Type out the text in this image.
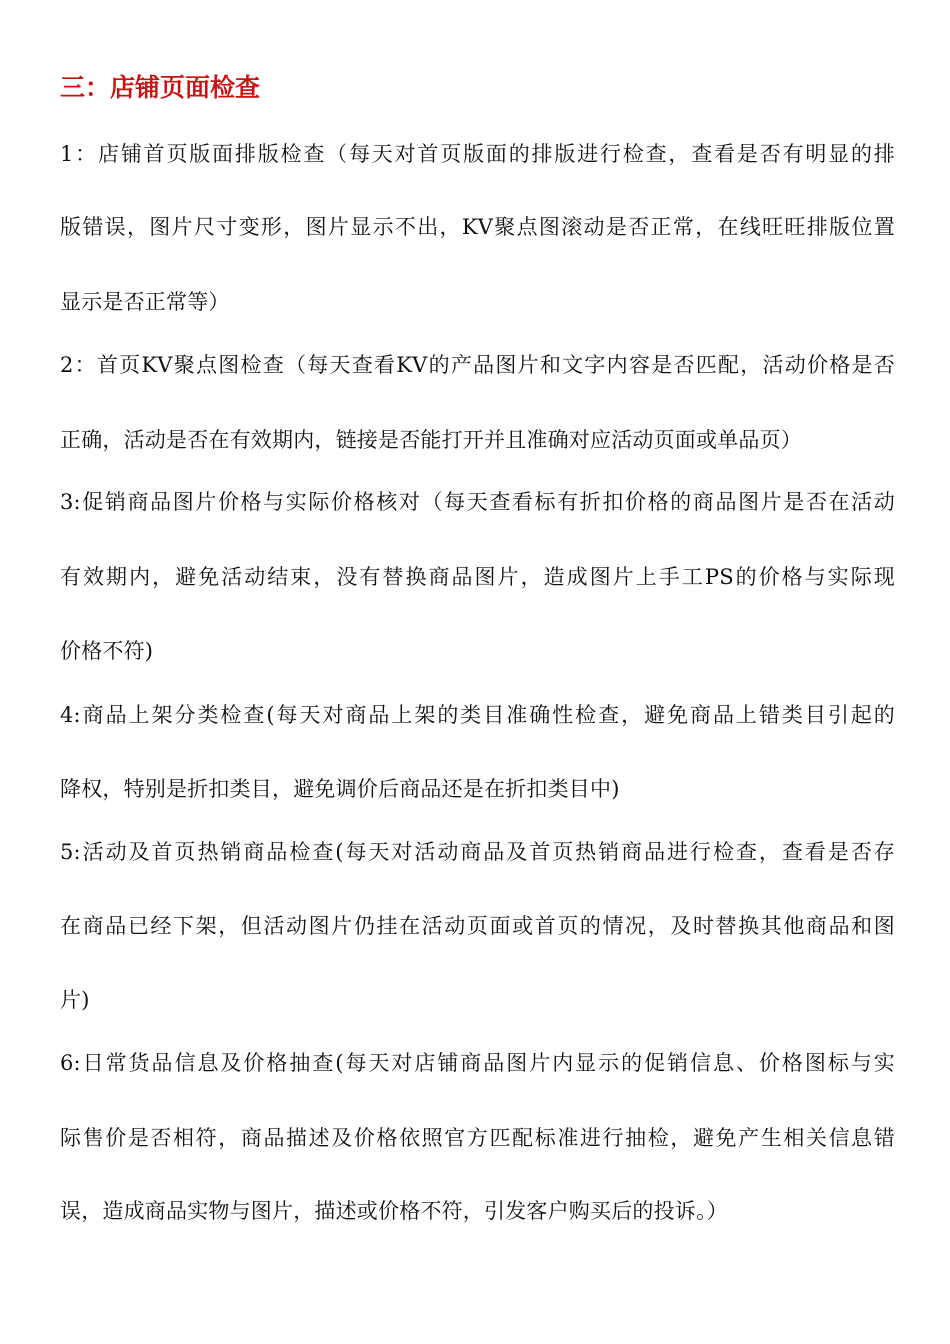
三：店铺页面检查

1：店铺首页版面排版检查（每天对首页版面的排版进行检查，查看是否有明显的排

版错误，图片尺寸变形，图片显示不出，KV聚点图滚动是否正常，在线旺旺排版位置

显示是否正常等）

2：首页KV聚点图检查（每天查看KV的产品图片和文字内容是否匹配，活动价格是否

正确，活动是否在有效期内，链接是否能打开并且准确对应活动页面或单品页）

3:促销商品图片价格与实际价格核对（每天查看标有折扣价格的商品图片是否在活动

有效期内，避免活动结束，没有替换商品图片，造成图片上手工PS的价格与实际现

价格不符)

4:商品上架分类检查(每天对商品上架的类目准确性检查，避免商品上错类目引起的

降权，特别是折扣类目，避免调价后商品还是在折扣类目中)

5:活动及首页热销商品检查(每天对活动商品及首页热销商品进行检查，查看是否存

在商品已经下架，但活动图片仍挂在活动页面或首页的情况，及时替换其他商品和图

片)

6:日常货品信息及价格抽查(每天对店铺商品图片内显示的促销信息、价格图标与实

际售价是否相符，商品描述及价格依照官方匹配标准进行抽检，避免产生相关信息错

误，造成商品实物与图片，描述或价格不符，引发客户购买后的投诉。）
